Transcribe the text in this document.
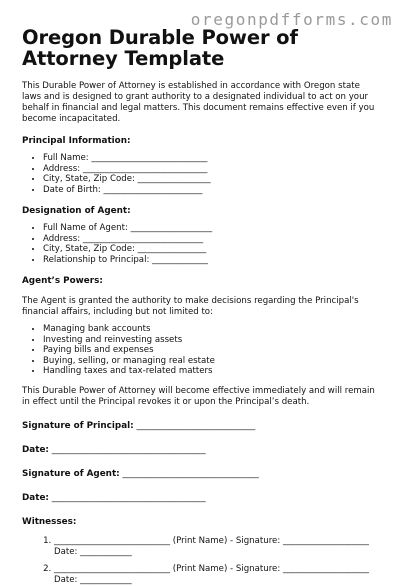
oregonpdfforms.com
Oregon Durable Power of Attorney Template

This Durable Power of Attorney is established in accordance with Oregon state laws and is designed to grant authority to a designated individual to act on your behalf in financial and legal matters. This document remains effective even if you become incapacitated.

Principal Information:
• Full Name: ___________________________
• Address: _____________________________
• City, State, Zip Code: _________________
• Date of Birth: _______________________
Designation of Agent:
• Full Name of Agent: ___________________
• Address: ____________________________
• City, State, Zip Code: ________________
• Relationship to Principal: _____________
Agent’s Powers:

The Agent is granted the authority to make decisions regarding the Principal's financial affairs, including but not limited to:

• Managing bank accounts
• Investing and reinvesting assets
• Paying bills and expenses
• Buying, selling, or managing real estate
• Handling taxes and tax-related matters

This Durable Power of Attorney will become effective immediately and will remain in effect until the Principal revokes it or upon the Principal’s death.

Signature of Principal: ___________________________
Date: ___________________________________
Signature of Agent: _______________________________
Date: ___________________________________
Witnesses:
1. ___________________________ (Print Name) - Signature: ____________________ Date: ____________
2. ___________________________ (Print Name) - Signature: ____________________ Date: ____________
